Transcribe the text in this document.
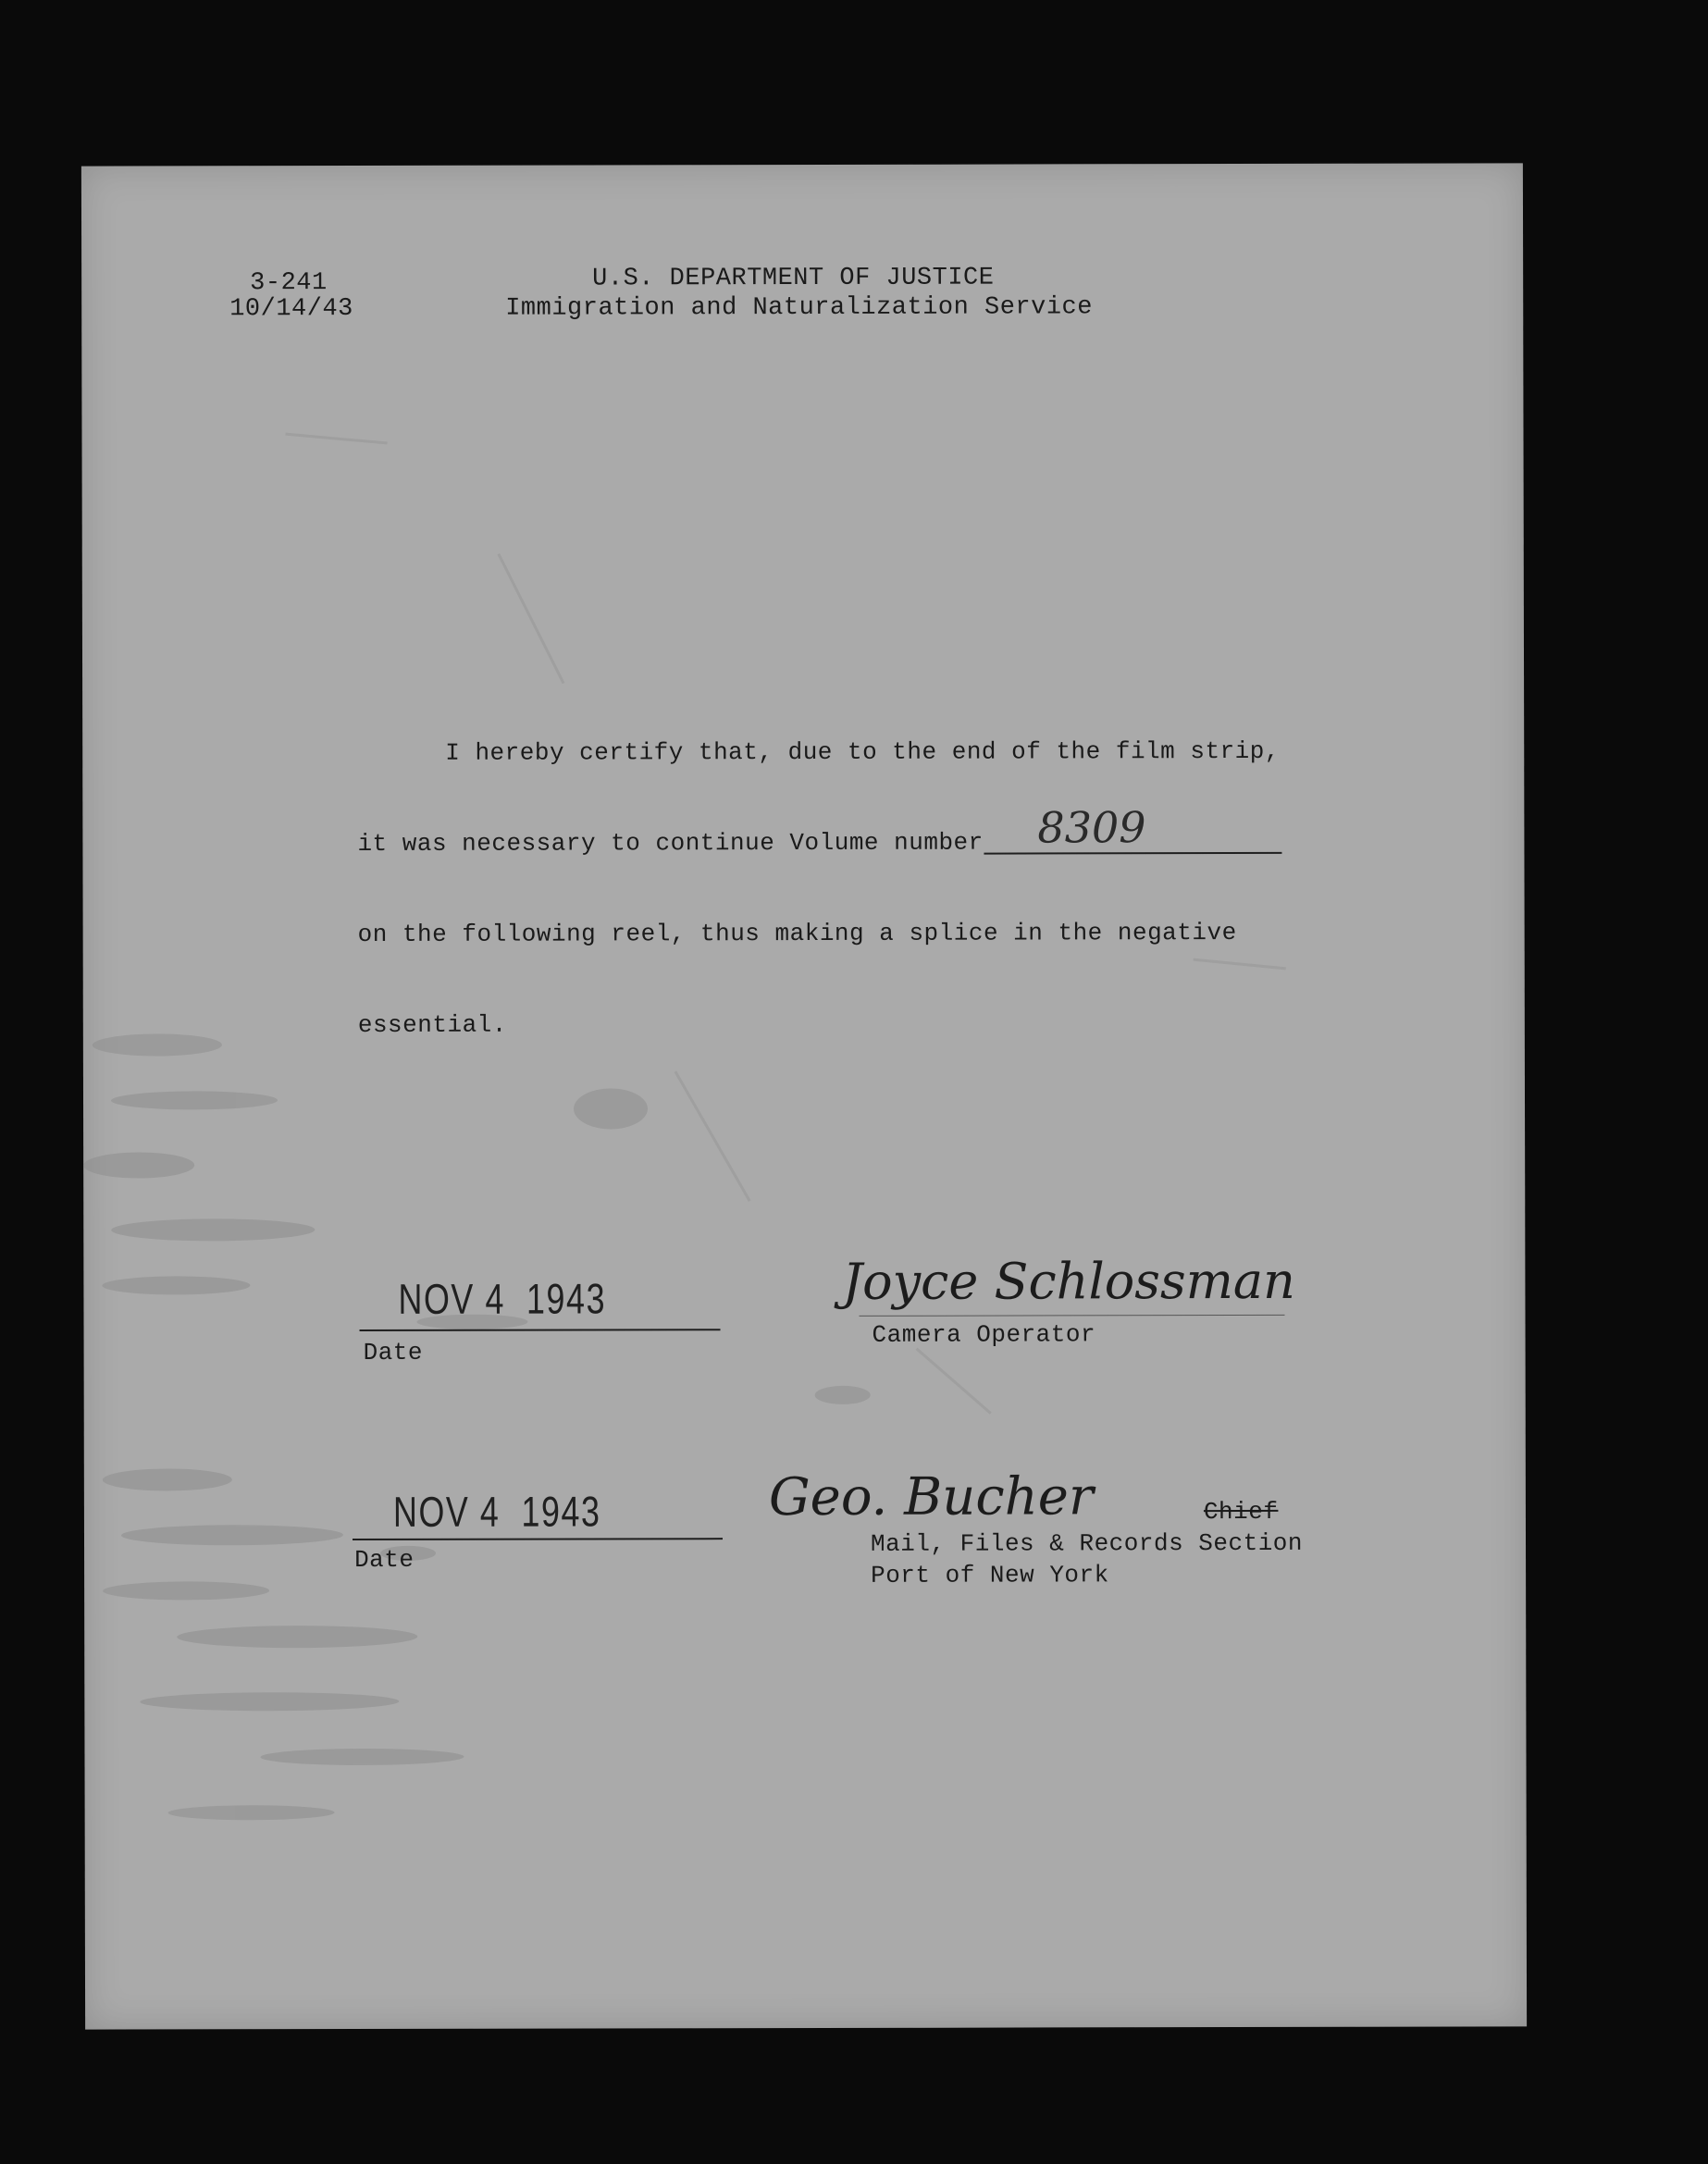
3-241
10/14/43
U.S. DEPARTMENT OF JUSTICE
Immigration and Naturalization Service
I hereby certify that, due to the end of the film strip,
it was necessary to continue Volume number 8309
on the following reel, thus making a splice in the negative
essential.
NOV 4  1943
Date
Joyce Schlossman
Camera Operator
NOV 4  1943
Date
Geo. Bucher	Chief
Mail, Files & Records Section
Port of New York
